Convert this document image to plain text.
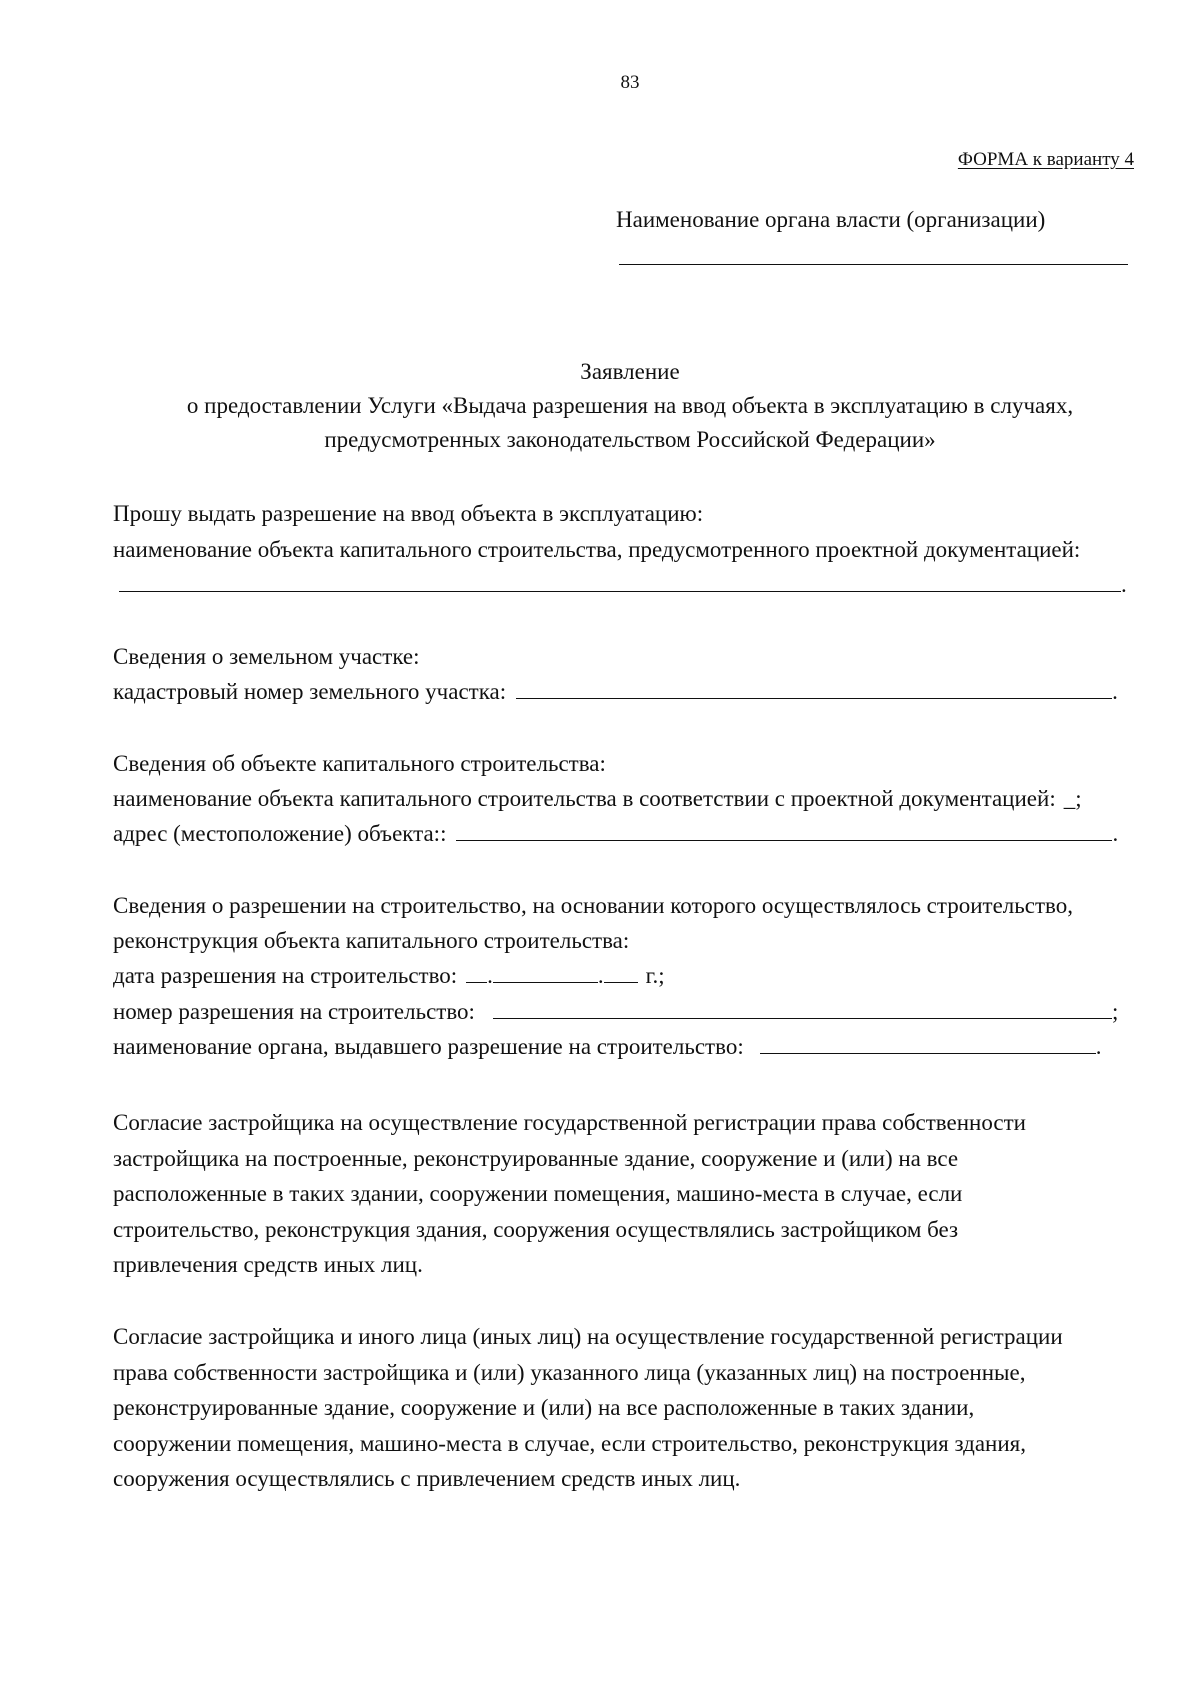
83
ФОРМА к варианту 4
Наименование органа власти (организации)
Заявление
о предоставлении Услуги «Выдача разрешения на ввод объекта в эксплуатацию в случаях, предусмотренных законодательством Российской Федерации»
Прошу выдать разрешение на ввод объекта в эксплуатацию:
наименование объекта капитального строительства, предусмотренного проектной документацией:
.
Сведения о земельном участке:
кадастровый номер земельного участка:	.
Сведения об объекте капитального строительства:
наименование объекта капитального строительства в соответствии с проектной документацией: _;
адрес (местоположение) объекта::	.
Сведения о разрешении на строительство, на основании которого осуществлялось строительство,
реконструкция объекта капитального строительства:
дата разрешения на строительство: .	. г.;
номер разрешения на строительство:	;
наименование органа, выдавшего разрешение на строительство:	.
Согласие застройщика на осуществление государственной регистрации права собственности
застройщика на построенные, реконструированные здание, сооружение и (или) на все
расположенные в таких здании, сооружении помещения, машино-места в случае, если
строительство, реконструкция здания, сооружения осуществлялись застройщиком без
привлечения средств иных лиц.
Согласие застройщика и иного лица (иных лиц) на осуществление государственной регистрации
права собственности застройщика и (или) указанного лица (указанных лиц) на построенные,
реконструированные здание, сооружение и (или) на все расположенные в таких здании,
сооружении помещения, машино-места в случае, если строительство, реконструкция здания,
сооружения осуществлялись с привлечением средств иных лиц.
